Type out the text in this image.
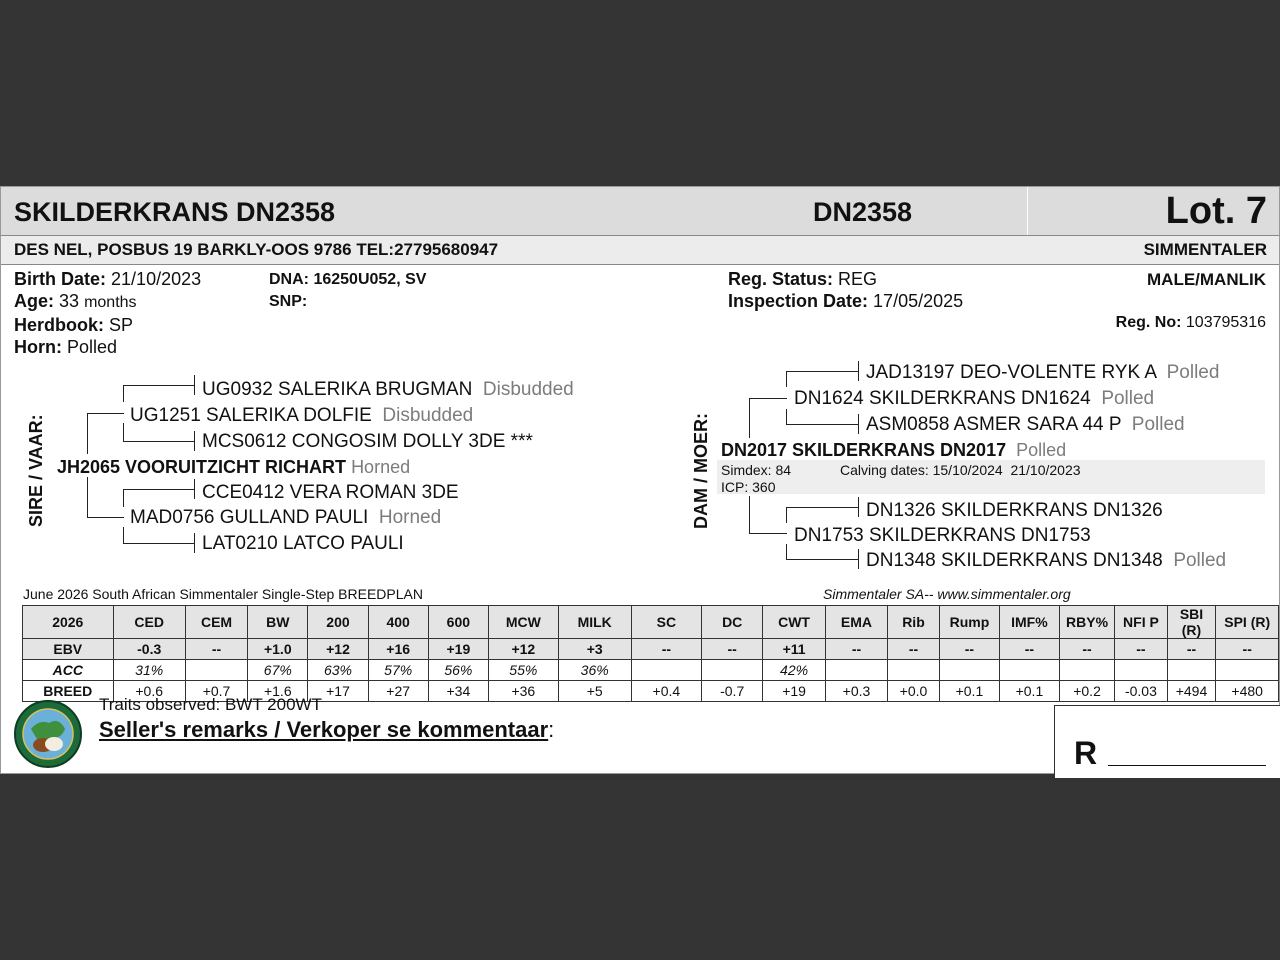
SKILDERKRANS DN2358	DN2358	Lot. 7
DES NEL, POSBUS 19 BARKLY-OOS 9786 TEL:27795680947	SIMMENTALER
Birth Date: 21/10/2023
Age: 33 months
Herdbook: SP
Horn: Polled
DNA: 16250U052, SV
SNP:
Reg. Status: REG
Inspection Date: 17/05/2025
MALE/MANLIK
Reg. No: 103795316
SIRE / VAAR:
UG0932 SALERIKA BRUGMAN Disbudded
UG1251 SALERIKA DOLFIE Disbudded
MCS0612 CONGOSIM DOLLY 3DE ***
JH2065 VOORUITZICHT RICHART Horned
CCE0412 VERA ROMAN 3DE
MAD0756 GULLAND PAULI Horned
LAT0210 LATCO PAULI
DAM / MOER:
JAD13197 DEO-VOLENTE RYK A Polled
DN1624 SKILDERKRANS DN1624 Polled
ASM0858 ASMER SARA 44 P Polled
DN2017 SKILDERKRANS DN2017 Polled
Simdex: 84
ICP: 360
Calving dates: 15/10/2024  21/10/2023
DN1326 SKILDERKRANS DN1326
DN1753 SKILDERKRANS DN1753
DN1348 SKILDERKRANS DN1348 Polled
June 2026 South African Simmentaler Single-Step BREEDPLAN	Simmentaler SA-- www.simmentaler.org
2026	CED	CEM	BW	200	400	600	MCW	MILK	SC	DC	CWT	EMA	Rib	Rump	IMF%	RBY%	NFI P	SBI (R)	SPI (R)
EBV	-0.3	--	+1.0	+12	+16	+19	+12	+3	--	--	+11	--	--	--	--	--	--	--	--
ACC	31%		67%	63%	57%	56%	55%	36%			42%								
BREED	+0.6	+0.7	+1.6	+17	+27	+34	+36	+5	+0.4	-0.7	+19	+0.3	+0.0	+0.1	+0.1	+0.2	-0.03	+494	+480
Traits observed: BWT 200WT
Seller's remarks / Verkoper se kommentaar:
R
